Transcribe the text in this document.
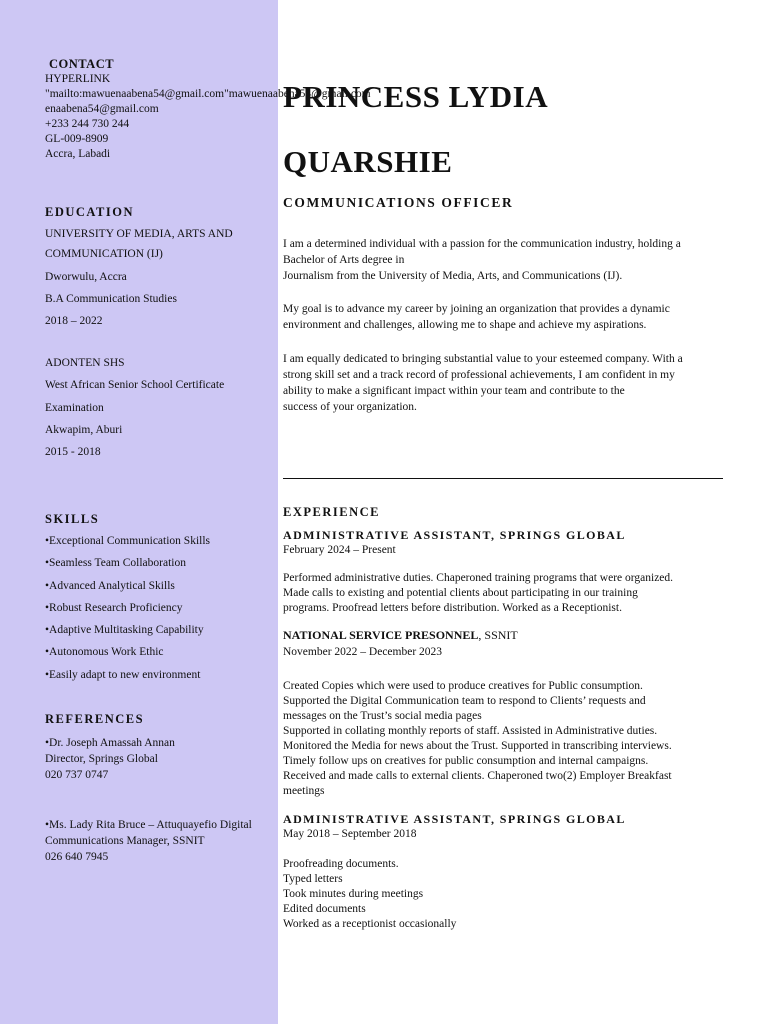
CONTACT
HYPERLINK
"mailto:mawuenaabena54@gmail.com"mawuenaabena54@gmail.com
enaabena54@gmail.com
+233 244 730 244
GL-009-8909
Accra, Labadi
EDUCATION
UNIVERSITY OF MEDIA, ARTS AND
COMMUNICATION (IJ)
Dworwulu, Accra
B.A Communication Studies
2018 – 2022
ADONTEN SHS
West African Senior School Certificate
Examination
Akwapim, Aburi
2015 - 2018
SKILLS
•Exceptional Communication Skills
•Seamless Team Collaboration
•Advanced Analytical Skills
•Robust Research Proficiency
•Adaptive Multitasking Capability
•Autonomous Work Ethic
•Easily adapt to new environment
REFERENCES
•Dr. Joseph Amassah Annan
Director, Springs Global
020 737 0747
•Ms. Lady Rita Bruce – Attuquayefio Digital
Communications Manager, SSNIT
026 640 7945
PRINCESS LYDIA
QUARSHIE
COMMUNICATIONS OFFICER
I am a determined individual with a passion for the communication industry, holding a
Bachelor of Arts degree in
Journalism from the University of Media, Arts, and Communications (IJ).
My goal is to advance my career by joining an organization that provides a dynamic
environment and challenges, allowing me to shape and achieve my aspirations.
I am equally dedicated to bringing substantial value to your esteemed company. With a
strong skill set and a track record of professional achievements, I am confident in my
ability to make a significant impact within your team and contribute to the
success of your organization.
EXPERIENCE
ADMINISTRATIVE ASSISTANT, SPRINGS GLOBAL
February 2024 – Present
Performed administrative duties. Chaperoned training programs that were organized.
Made calls to existing and potential clients about participating in our training
programs. Proofread letters before distribution. Worked as a Receptionist.
NATIONAL SERVICE PRESONNEL, SSNIT
November 2022 – December 2023
Created Copies which were used to produce creatives for Public consumption.
Supported the Digital Communication team to respond to Clients’ requests and
messages on the Trust’s social media pages
Supported in collating monthly reports of staff. Assisted in Administrative duties.
Monitored the Media for news about the Trust. Supported in transcribing interviews.
Timely follow ups on creatives for public consumption and internal campaigns.
Received and made calls to external clients. Chaperoned two(2) Employer Breakfast
meetings
ADMINISTRATIVE ASSISTANT, SPRINGS GLOBAL
May 2018 – September 2018
Proofreading documents.
Typed letters
Took minutes during meetings
Edited documents
Worked as a receptionist occasionally
